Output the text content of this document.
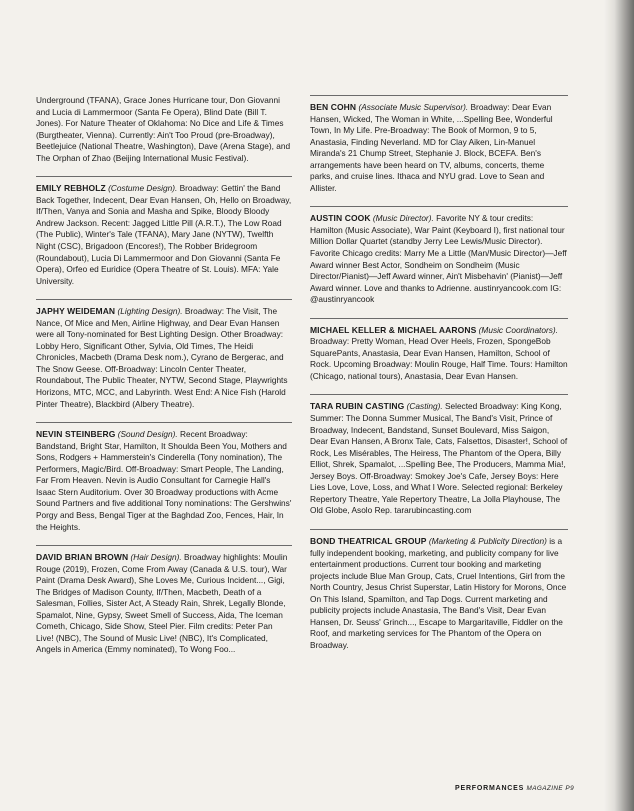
Underground (TFANA), Grace Jones Hurricane tour, Don Giovanni and Lucia di Lammermoor (Santa Fe Opera), Blind Date (Bill T. Jones). For Nature Theater of Oklahoma: No Dice and Life & Times (Burgtheater, Vienna). Currently: Ain't Too Proud (pre-Broadway), Beetlejuice (National Theatre, Washington), Dave (Arena Stage), and The Orphan of Zhao (Beijing International Music Festival).

EMILY REBHOLZ (Costume Design). Broadway: Gettin' the Band Back Together, Indecent, Dear Evan Hansen, Oh, Hello on Broadway, If/Then, Vanya and Sonia and Masha and Spike, Bloody Bloody Andrew Jackson. Recent: Jagged Little Pill (A.R.T.), The Low Road (The Public), Winter's Tale (TFANA), Mary Jane (NYTW), Twelfth Night (CSC), Brigadoon (Encores!), The Robber Bridegroom (Roundabout), Lucia Di Lammermoor and Don Giovanni (Santa Fe Opera), Orfeo ed Euridice (Opera Theatre of St. Louis). MFA: Yale University.

JAPHY WEIDEMAN (Lighting Design). Broadway: The Visit, The Nance, Of Mice and Men, Airline Highway, and Dear Evan Hansen were all Tony-nominated for Best Lighting Design. Other Broadway: Lobby Hero, Significant Other, Sylvia, Old Times, The Heidi Chronicles, Macbeth (Drama Desk nom.), Cyrano de Bergerac, and The Snow Geese. Off-Broadway: Lincoln Center Theater, Roundabout, The Public Theater, NYTW, Second Stage, Playwrights Horizons, MTC, MCC, and Labyrinth. West End: A Nice Fish (Harold Pinter Theatre), Blackbird (Albery Theatre).

NEVIN STEINBERG (Sound Design). Recent Broadway: Bandstand, Bright Star, Hamilton, It Shoulda Been You, Mothers and Sons, Rodgers + Hammerstein's Cinderella (Tony nomination), The Performers, Magic/Bird. Off-Broadway: Smart People, The Landing, Far From Heaven. Nevin is Audio Consultant for Carnegie Hall's Isaac Stern Auditorium. Over 30 Broadway productions with Acme Sound Partners and five additional Tony nominations: The Gershwins' Porgy and Bess, Bengal Tiger at the Baghdad Zoo, Fences, Hair, In the Heights.

DAVID BRIAN BROWN (Hair Design). Broadway highlights: Moulin Rouge (2019), Frozen, Come From Away (Canada & U.S. tour), War Paint (Drama Desk Award), She Loves Me, Curious Incident..., Gigi, The Bridges of Madison County, If/Then, Macbeth, Death of a Salesman, Follies, Sister Act, A Steady Rain, Shrek, Legally Blonde, Spamalot, Nine, Gypsy, Sweet Smell of Success, Aida, The Iceman Cometh, Chicago, Side Show, Steel Pier. Film credits: Peter Pan Live! (NBC), The Sound of Music Live! (NBC), It's Complicated, Angels in America (Emmy nominated), To Wong Foo...

BEN COHN (Associate Music Supervisor). Broadway: Dear Evan Hansen, Wicked, The Woman in White, ...Spelling Bee, Wonderful Town, In My Life. Pre-Broadway: The Book of Mormon, 9 to 5, Anastasia, Finding Neverland. MD for Clay Aiken, Lin-Manuel Miranda's 21 Chump Street, Stephanie J. Block, BCEFA. Ben's arrangements have been heard on TV, albums, concerts, theme parks, and cruise lines. Ithaca and NYU grad. Love to Sean and Allister.

AUSTIN COOK (Music Director). Favorite NY & tour credits: Hamilton (Music Associate), War Paint (Keyboard I), first national tour Million Dollar Quartet (standby Jerry Lee Lewis/Music Director). Favorite Chicago credits: Marry Me a Little (Man/Music Director)—Jeff Award winner Best Actor, Sondheim on Sondheim (Music Director/Pianist)—Jeff Award winner, Ain't Misbehavin' (Pianist)—Jeff Award winner. Love and thanks to Adrienne. austinryancook.com IG: @austinryancook

MICHAEL KELLER & MICHAEL AARONS (Music Coordinators). Broadway: Pretty Woman, Head Over Heels, Frozen, SpongeBob SquarePants, Anastasia, Dear Evan Hansen, Hamilton, School of Rock. Upcoming Broadway: Moulin Rouge, Half Time. Tours: Hamilton (Chicago, national tours), Anastasia, Dear Evan Hansen.

TARA RUBIN CASTING (Casting). Selected Broadway: King Kong, Summer: The Donna Summer Musical, The Band's Visit, Prince of Broadway, Indecent, Bandstand, Sunset Boulevard, Miss Saigon, Dear Evan Hansen, A Bronx Tale, Cats, Falsettos, Disaster!, School of Rock, Les Misérables, The Heiress, The Phantom of the Opera, Billy Elliot, Shrek, Spamalot, ...Spelling Bee, The Producers, Mamma Mia!, Jersey Boys. Off-Broadway: Smokey Joe's Cafe, Jersey Boys: Here Lies Love, Love, Loss, and What I Wore. Selected regional: Berkeley Repertory Theatre, Yale Repertory Theatre, La Jolla Playhouse, The Old Globe, Asolo Rep. tararubincasting.com

BOND THEATRICAL GROUP (Marketing & Publicity Direction) is a fully independent booking, marketing, and publicity company for live entertainment productions. Current tour booking and marketing projects include Blue Man Group, Cats, Cruel Intentions, Girl from the North Country, Jesus Christ Superstar, Latin History for Morons, Once On This Island, Spamilton, and Tap Dogs. Current marketing and publicity projects include Anastasia, The Band's Visit, Dear Evan Hansen, Dr. Seuss' Grinch..., Escape to Margaritaville, Fiddler on the Roof, and marketing services for The Phantom of the Opera on Broadway.

PERFORMANCES MAGAZINE P9
